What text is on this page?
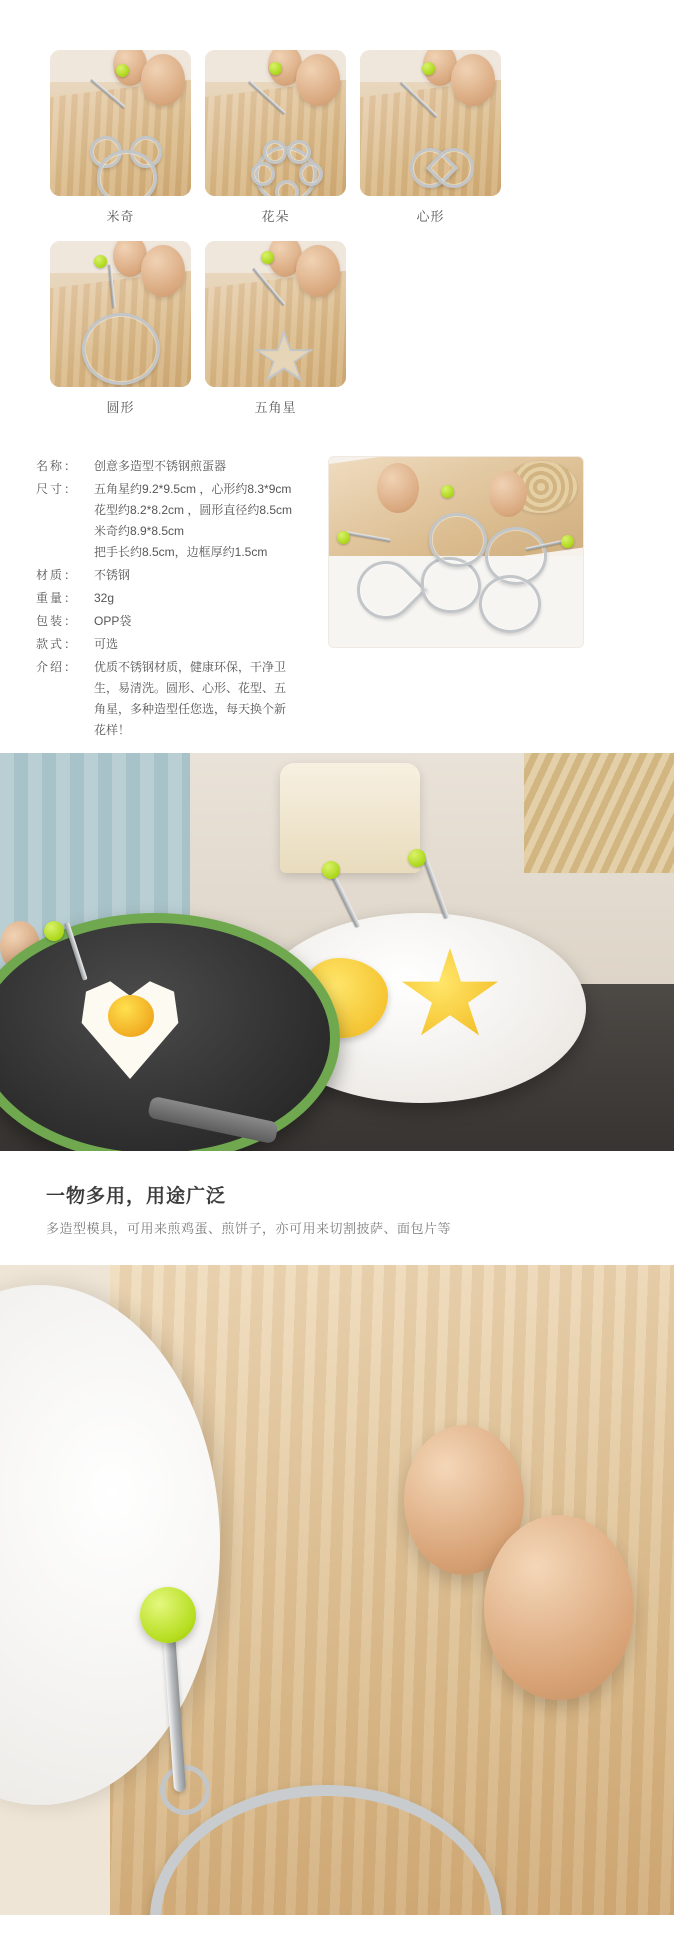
米奇	花朵	心形
圆形	五角星
名称：	创意多造型不锈钢煎蛋器
尺寸：	五角星约9.2*9.5cm ，心形约8.3*9cm
花型约8.2*8.2cm ，圆形直径约8.5cm
米奇约8.9*8.5cm
把手长约8.5cm，边框厚约1.5cm
材质：	不锈钢
重量：	32g
包装：	OPP袋
款式：	可选
介绍：	优质不锈钢材质，健康环保，干净卫
生，易清洗。圆形、心形、花型、五
角星，多种造型任您选，每天换个新
花样！
一物多用，用途广泛

多造型模具，可用来煎鸡蛋、煎饼子，亦可用来切割披萨、面包片等
